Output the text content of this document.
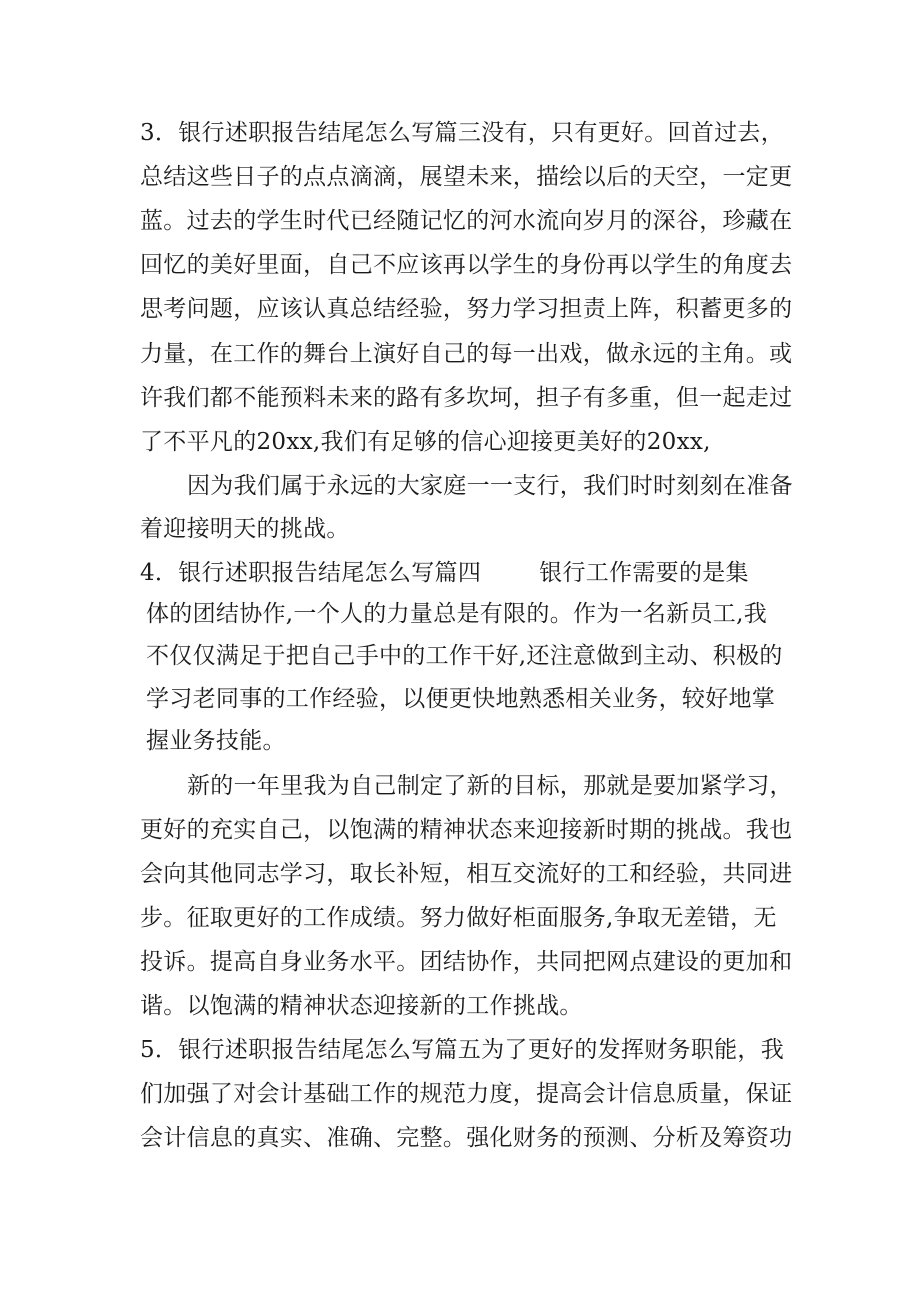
3．银行述职报告结尾怎么写篇三没有，只有更好。回首过去，
总结这些日子的点点滴滴，展望未来，描绘以后的天空，一定更
蓝。过去的学生时代已经随记忆的河水流向岁月的深谷，珍藏在
回忆的美好里面，自己不应该再以学生的身份再以学生的角度去
思考问题，应该认真总结经验，努力学习担责上阵，积蓄更多的
力量，在工作的舞台上演好自己的每一出戏，做永远的主角。或
许我们都不能预料未来的路有多坎坷，担子有多重，但一起走过
了不平凡的20xx,我们有足够的信心迎接更美好的20xx,
因为我们属于永远的大家庭一一支行，我们时时刻刻在准备
着迎接明天的挑战。
4．银行述职报告结尾怎么写篇四	银行工作需要的是集
体的团结协作,一个人的力量总是有限的。作为一名新员工,我
不仅仅满足于把自己手中的工作干好,还注意做到主动、积极的
学习老同事的工作经验，以便更快地熟悉相关业务，较好地掌
握业务技能。
新的一年里我为自己制定了新的目标，那就是要加紧学习，
更好的充实自己，以饱满的精神状态来迎接新时期的挑战。我也
会向其他同志学习，取长补短，相互交流好的工和经验，共同进
步。征取更好的工作成绩。努力做好柜面服务,争取无差错，无
投诉。提高自身业务水平。团结协作，共同把网点建设的更加和
谐。以饱满的精神状态迎接新的工作挑战。
5．银行述职报告结尾怎么写篇五为了更好的发挥财务职能，我
们加强了对会计基础工作的规范力度，提高会计信息质量，保证
会计信息的真实、准确、完整。强化财务的预测、分析及筹资功
